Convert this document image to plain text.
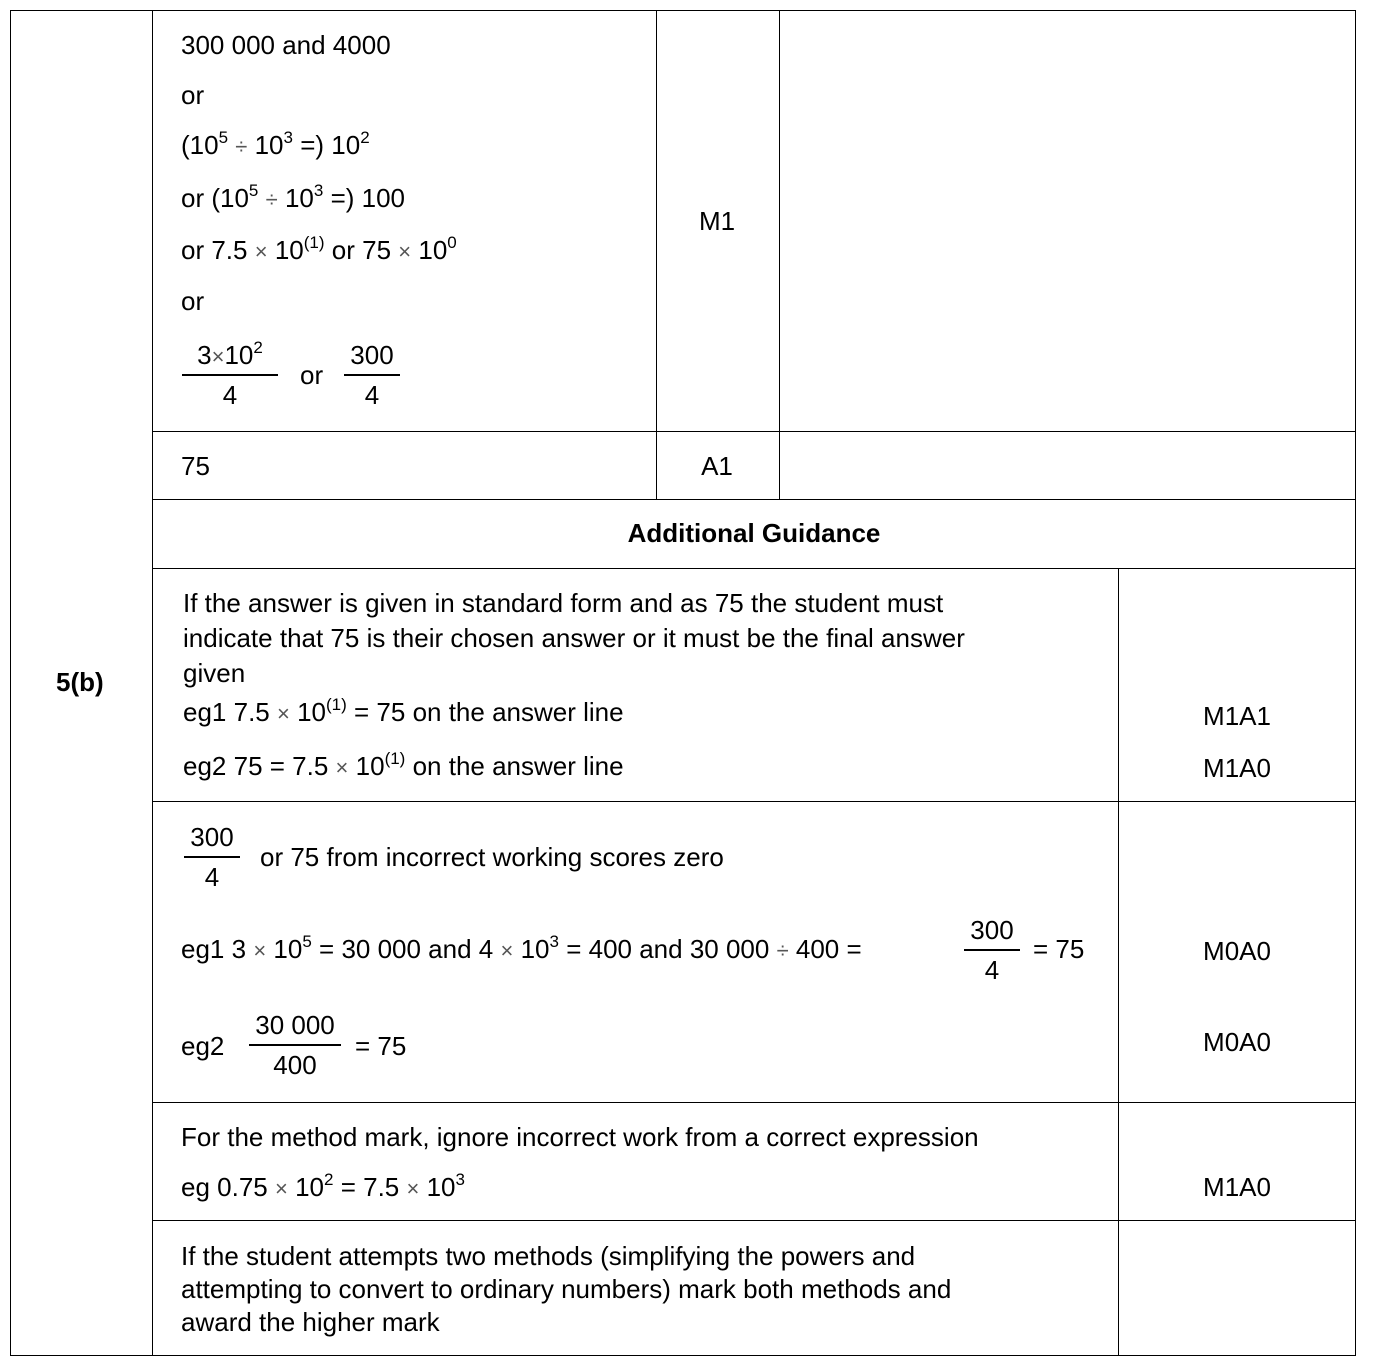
5(b)
300 000 and 4000
or
($10^5 \div 10^3$ =) $10^2$
or ($10^5 \div 10^3$ =) 100
or $7.5 \times 10^{(1)}$ or $75 \times 10^0$
or
$3\times 10^2$
4
or
300
4
M1
75	A1
Additional Guidance
If the answer is given in standard form and as 75 the student must
indicate that 75 is their chosen answer or it must be the final answer
given
eg1 $7.5 \times 10^{(1)} = 75$ on the answer line
eg2 $75 = 7.5 \times 10^{(1)}$ on the answer line
M1A1
M1A0
300
4
or 75 from incorrect working scores zero
eg1 $3 \times 10^5 = 30$ 000 and $4 \times 10^3 = 400$ and 30 000 ÷ 400 =
300
4
= 75
eg2
30 000
400
= 75
M0A0
M0A0
For the method mark, ignore incorrect work from a correct expression
eg $0.75 \times 10^2 = 7.5 \times 10^3$	M1A0
If the student attempts two methods (simplifying the powers and
attempting to convert to ordinary numbers) mark both methods and
award the higher mark
